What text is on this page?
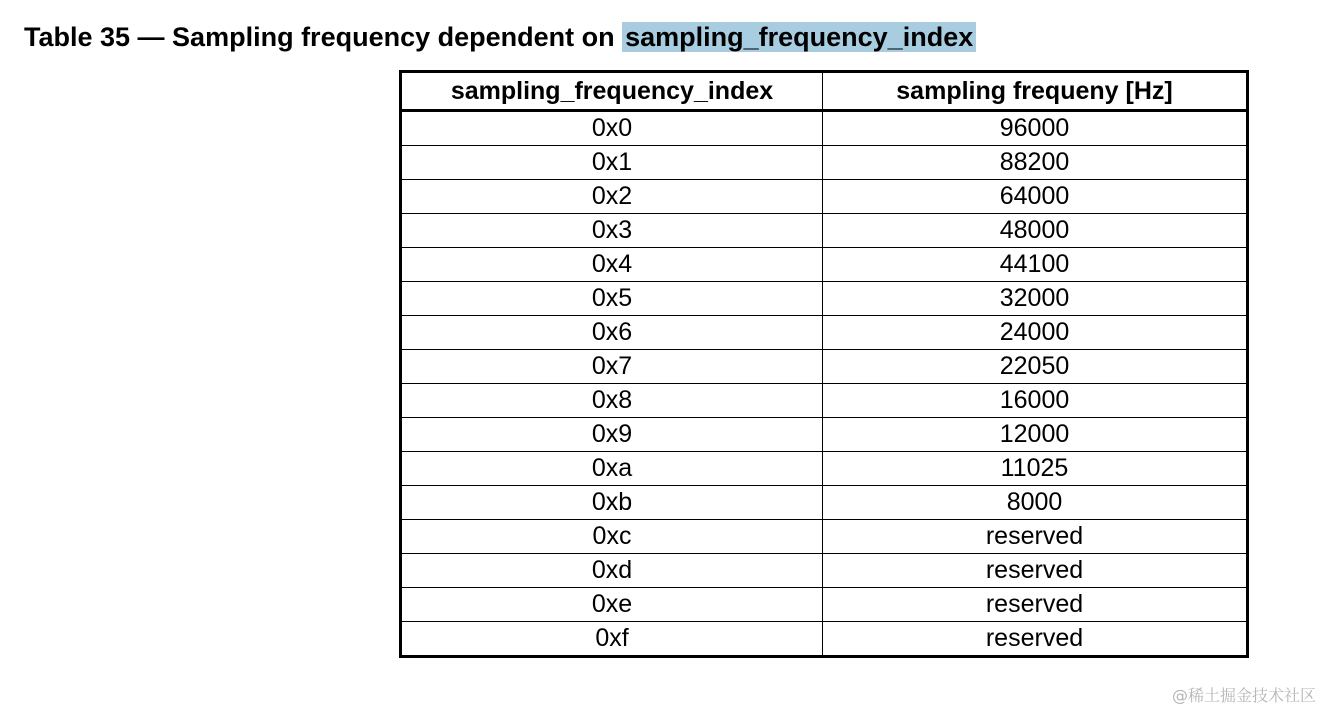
Table 35 — Sampling frequency dependent on sampling_frequency_index
sampling_frequency_index	sampling frequeny [Hz]
0x0	96000
0x1	88200
0x2	64000
0x3	48000
0x4	44100
0x5	32000
0x6	24000
0x7	22050
0x8	16000
0x9	12000
0xa	11025
0xb	8000
0xc	reserved
0xd	reserved
0xe	reserved
0xf	reserved
@稀土掘金技术社区
